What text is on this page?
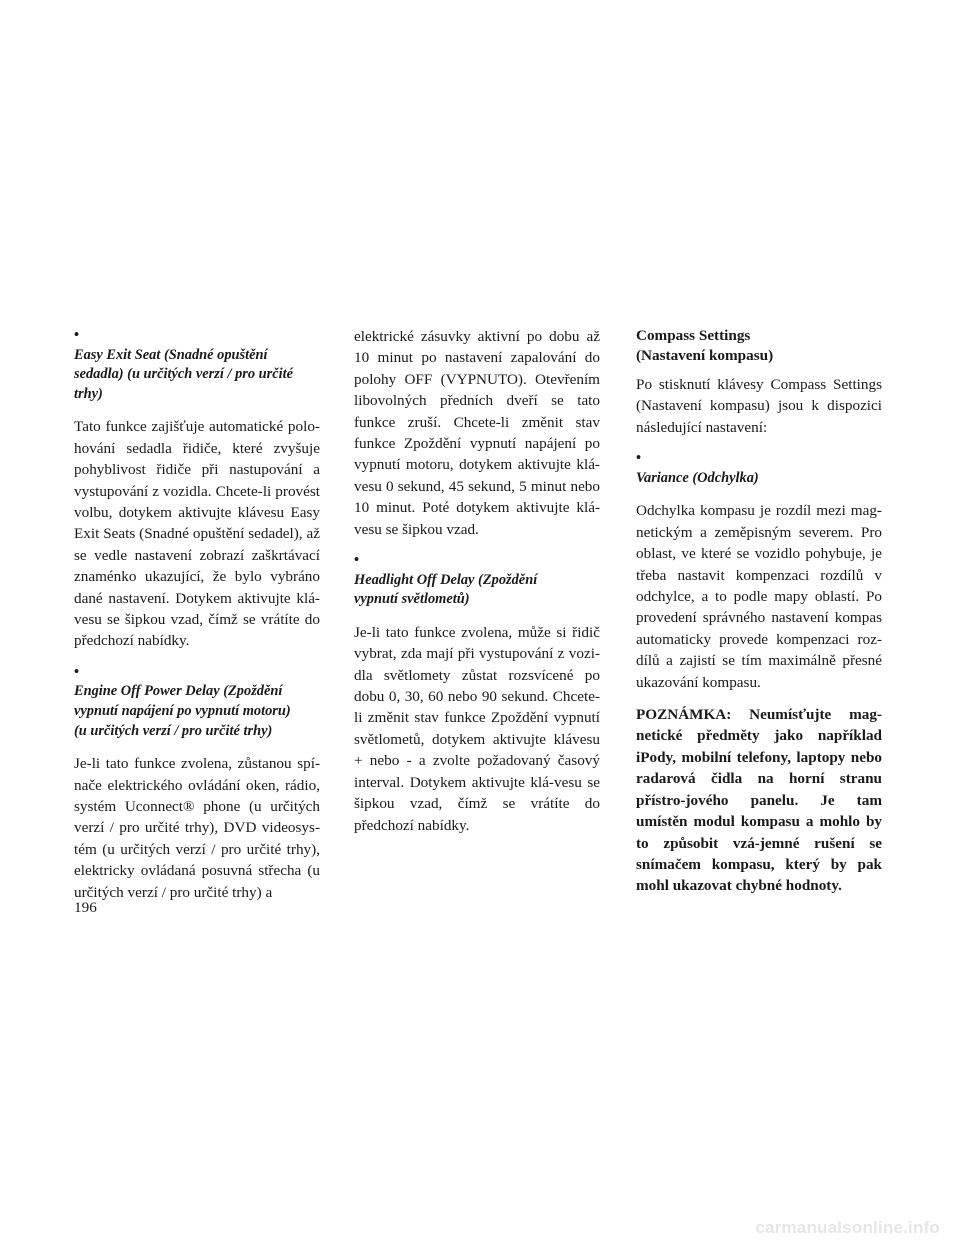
•
Easy Exit Seat (Snadné opuštění
sedadla) (u určitých verzí / pro určité
trhy)

Tato funkce zajišťuje automatické polo-hování sedadla řidiče, které zvyšuje pohyblivost řidiče při nastupování a vystupování z vozidla. Chcete-li provést volbu, dotykem aktivujte klávesu Easy Exit Seats (Snadné opuštění sedadel), až se vedle nastavení zobrazí zaškrtávací znaménko ukazující, že bylo vybráno dané nastavení. Dotykem aktivujte klá-vesu se šipkou vzad, čímž se vrátíte do předchozí nabídky.

•
Engine Off Power Delay (Zpoždění
vypnutí napájení po vypnutí motoru)
(u určitých verzí / pro určité trhy)

Je-li tato funkce zvolena, zůstanou spí-nače elektrického ovládání oken, rádio, systém Uconnect® phone (u určitých verzí / pro určité trhy), DVD videosys-tém (u určitých verzí / pro určité trhy), elektricky ovládaná posuvná střecha (u určitých verzí / pro určité trhy) a

elektrické zásuvky aktivní po dobu až 10 minut po nastavení zapalování do polohy OFF (VYPNUTO). Otevřením libovolných předních dveří se tato funkce zruší. Chcete-li změnit stav funkce Zpoždění vypnutí napájení po vypnutí motoru, dotykem aktivujte klá-vesu 0 sekund, 45 sekund, 5 minut nebo 10 minut. Poté dotykem aktivujte klá-vesu se šipkou vzad.

•
Headlight Off Delay (Zpoždění
vypnutí světlometů)

Je-li tato funkce zvolena, může si řidič vybrat, zda mají při vystupování z vozi-dla světlomety zůstat rozsvícené po dobu 0, 30, 60 nebo 90 sekund. Chcete-li změnit stav funkce Zpoždění vypnutí světlometů, dotykem aktivujte klávesu + nebo - a zvolte požadovaný časový interval. Dotykem aktivujte klá-vesu se šipkou vzad, čímž se vrátíte do předchozí nabídky.

Compass Settings
(Nastavení kompasu)

Po stisknutí klávesy Compass Settings (Nastavení kompasu) jsou k dispozici následující nastavení:

•
Variance (Odchylka)

Odchylka kompasu je rozdíl mezi mag-netickým a zeměpisným severem. Pro oblast, ve které se vozidlo pohybuje, je třeba nastavit kompenzaci rozdílů v odchylce, a to podle mapy oblastí. Po provedení správného nastavení kompas automaticky provede kompenzaci roz-dílů a zajistí se tím maximálně přesné ukazování kompasu.

POZNÁMKA: Neumísťujte mag-netické předměty jako například iPody, mobilní telefony, laptopy nebo radarová čidla na horní stranu přístro-jového panelu. Je tam umístěn modul kompasu a mohlo by to způsobit vzá-jemné rušení se snímačem kompasu, který by pak mohl ukazovat chybné hodnoty.

196
carmanualsonline.info
